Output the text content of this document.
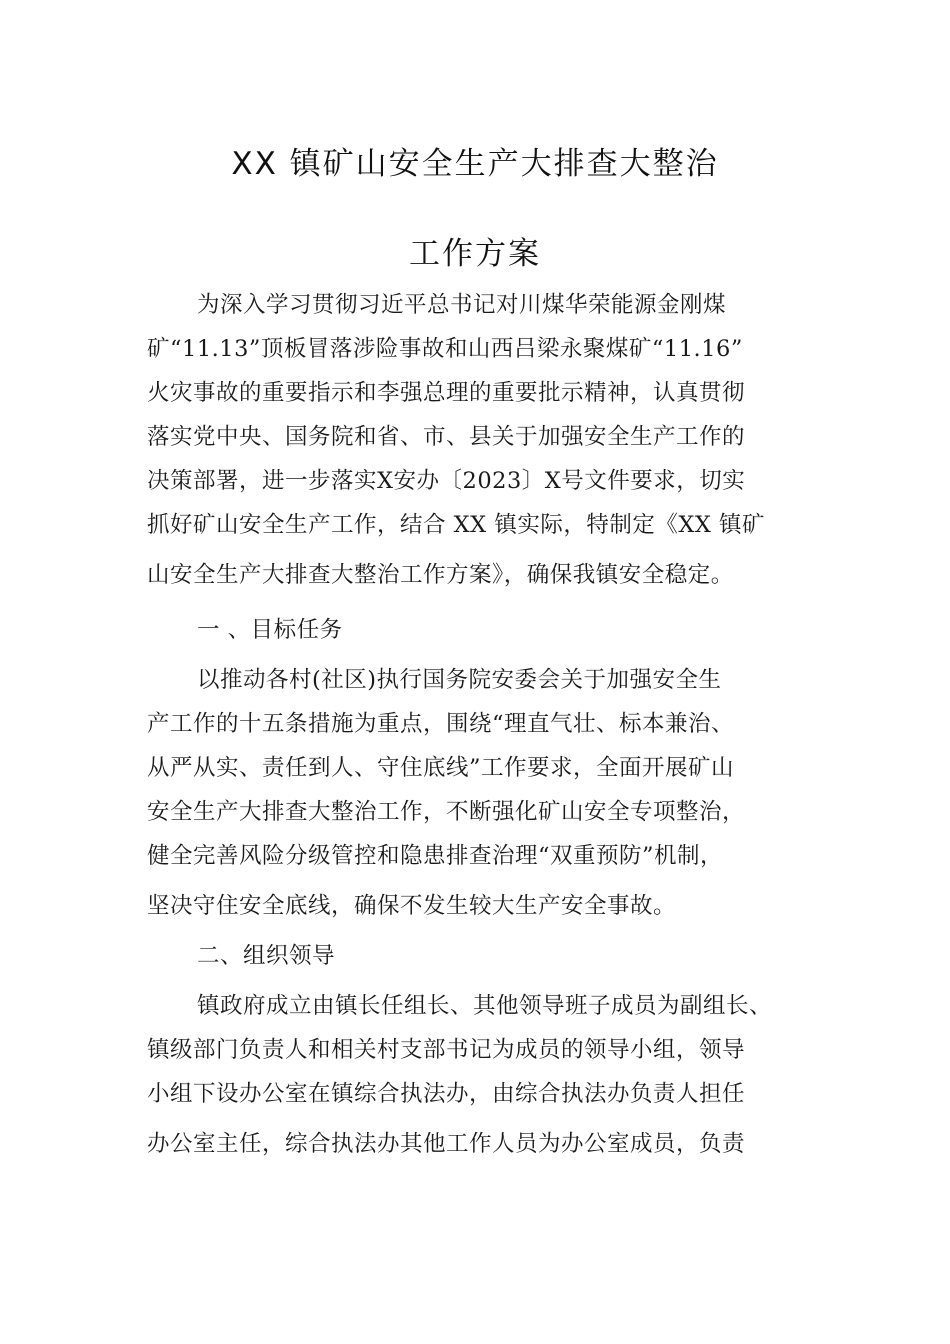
XX 镇矿山安全生产大排查大整治
工作方案
为深入学习贯彻习近平总书记对川煤华荣能源金刚煤
矿“11.13”顶板冒落涉险事故和山西吕梁永聚煤矿“11.16”
火灾事故的重要指示和李强总理的重要批示精神，认真贯彻
落实党中央、国务院和省、市、县关于加强安全生产工作的
决策部署，进一步落实X安办〔2023〕X号文件要求，切实
抓好矿山安全生产工作，结合 XX 镇实际，特制定《XX 镇矿
山安全生产大排查大整治工作方案》，确保我镇安全稳定。
一 、目标任务
以推动各村(社区)执行国务院安委会关于加强安全生
产工作的十五条措施为重点，围绕“理直气壮、标本兼治、
从严从实、责任到人、守住底线”工作要求，全面开展矿山
安全生产大排查大整治工作，不断强化矿山安全专项整治，
健全完善风险分级管控和隐患排查治理“双重预防”机制，
坚决守住安全底线，确保不发生较大生产安全事故。
二、组织领导
镇政府成立由镇长任组长、其他领导班子成员为副组长、
镇级部门负责人和相关村支部书记为成员的领导小组，领导
小组下设办公室在镇综合执法办，由综合执法办负责人担任
办公室主任，综合执法办其他工作人员为办公室成员，负责
